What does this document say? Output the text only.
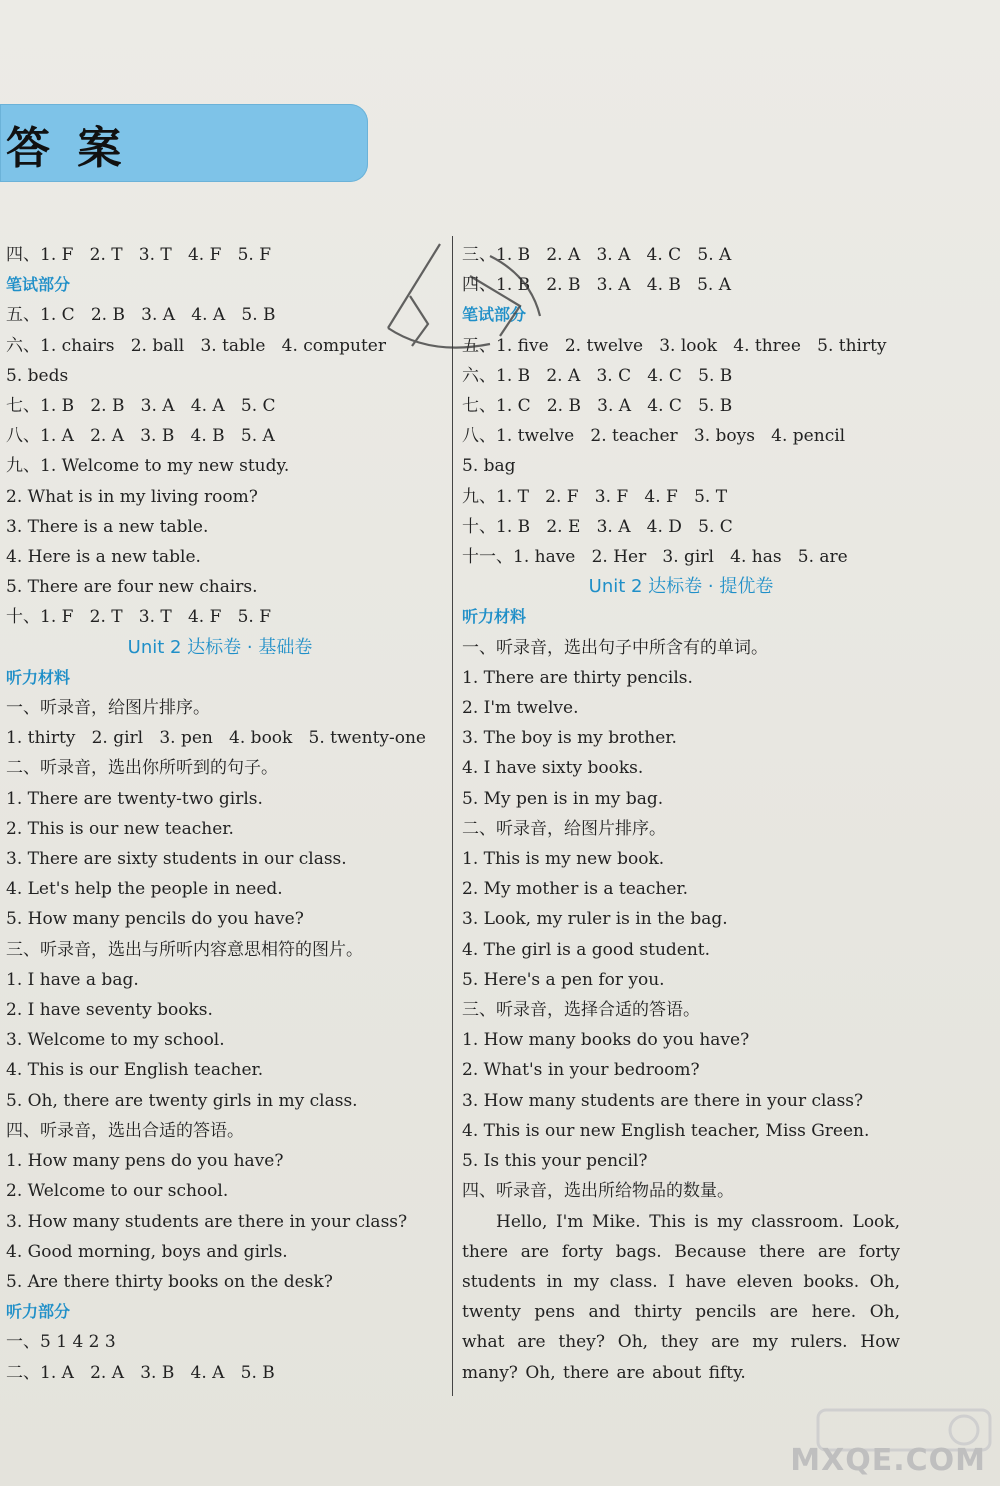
答 案
四、1. F   2. T   3. T   4. F   5. F
笔试部分
五、1. C   2. B   3. A   4. A   5. B
六、1. chairs   2. ball   3. table   4. computer
5. beds
七、1. B   2. B   3. A   4. A   5. C
八、1. A   2. A   3. B   4. B   5. A
九、1. Welcome to my new study.
2. What is in my living room?
3. There is a new table.
4. Here is a new table.
5. There are four new chairs.
十、1. F   2. T   3. T   4. F   5. F
Unit 2 达标卷 · 基础卷
听力材料
一、听录音，给图片排序。
1. thirty   2. girl   3. pen   4. book   5. twenty-one
二、听录音，选出你所听到的句子。
1. There are twenty-two girls.
2. This is our new teacher.
3. There are sixty students in our class.
4. Let's help the people in need.
5. How many pencils do you have?
三、听录音，选出与所听内容意思相符的图片。
1. I have a bag.
2. I have seventy books.
3. Welcome to my school.
4. This is our English teacher.
5. Oh, there are twenty girls in my class.
四、听录音，选出合适的答语。
1. How many pens do you have?
2. Welcome to our school.
3. How many students are there in your class?
4. Good morning, boys and girls.
5. Are there thirty books on the desk?
听力部分
一、5 1 4 2 3
二、1. A   2. A   3. B   4. A   5. B
三、1. B   2. A   3. A   4. C   5. A
四、1. B   2. B   3. A   4. B   5. A
笔试部分
五、1. five   2. twelve   3. look   4. three   5. thirty
六、1. B   2. A   3. C   4. C   5. B
七、1. C   2. B   3. A   4. C   5. B
八、1. twelve   2. teacher   3. boys   4. pencil
5. bag
九、1. T   2. F   3. F   4. F   5. T
十、1. B   2. E   3. A   4. D   5. C
十一、1. have   2. Her   3. girl   4. has   5. are
Unit 2 达标卷 · 提优卷
听力材料
一、听录音，选出句子中所含有的单词。
1. There are thirty pencils.
2. I'm twelve.
3. The boy is my brother.
4. I have sixty books.
5. My pen is in my bag.
二、听录音，给图片排序。
1. This is my new book.
2. My mother is a teacher.
3. Look, my ruler is in the bag.
4. The girl is a good student.
5. Here's a pen for you.
三、听录音，选择合适的答语。
1. How many books do you have?
2. What's in your bedroom?
3. How many students are there in your class?
4. This is our new English teacher, Miss Green.
5. Is this your pencil?
四、听录音，选出所给物品的数量。
Hello, I'm Mike. This is my classroom. Look, there are forty bags. Because there are forty students in my class. I have eleven books. Oh, twenty pens and thirty pencils are here. Oh, what are they? Oh, they are my rulers. How many? Oh, there are about fifty.
MXQE.COM
